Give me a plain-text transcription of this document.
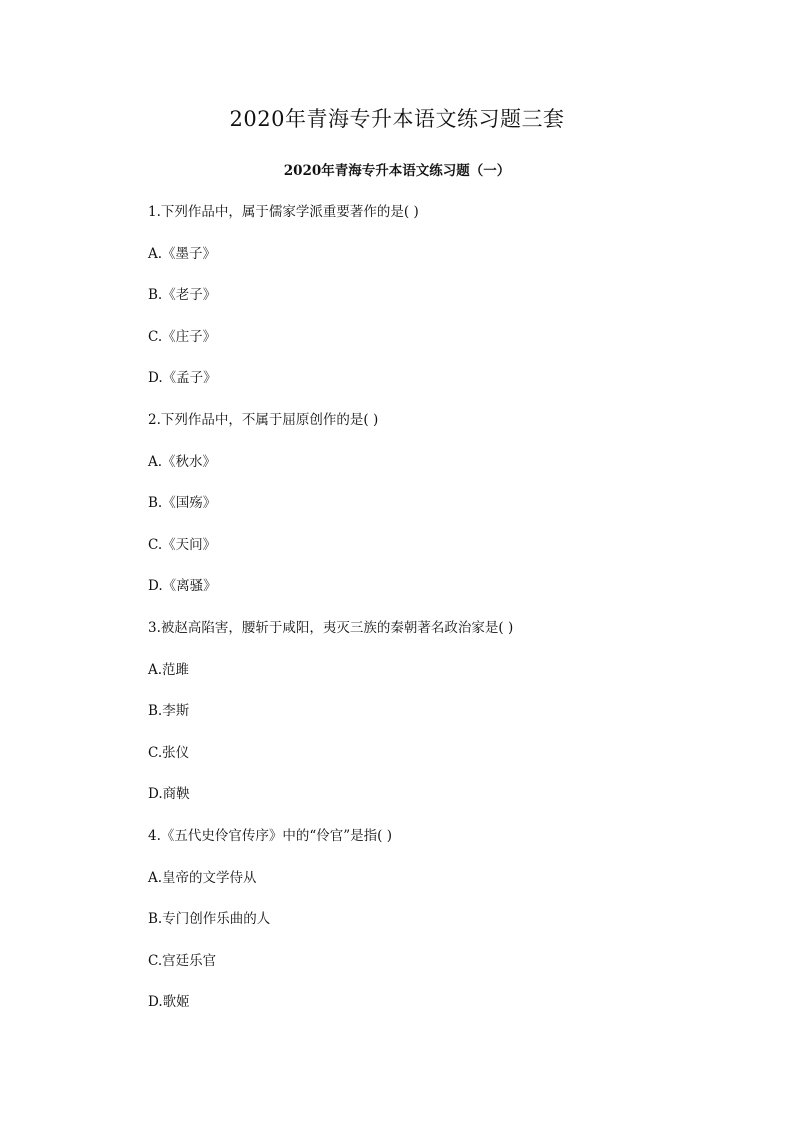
2020年青海专升本语文练习题三套
2020年青海专升本语文练习题（一）
1.下列作品中，属于儒家学派重要著作的是( )
A.《墨子》
B.《老子》
C.《庄子》
D.《孟子》
2.下列作品中，不属于屈原创作的是( )
A.《秋水》
B.《国殇》
C.《天问》
D.《离骚》
3.被赵高陷害，腰斩于咸阳，夷灭三族的秦朝著名政治家是( )
A.范雎
B.李斯
C.张仪
D.商鞅
4.《五代史伶官传序》中的“伶官”是指( )
A.皇帝的文学侍从
B.专门创作乐曲的人
C.宫廷乐官
D.歌姬
